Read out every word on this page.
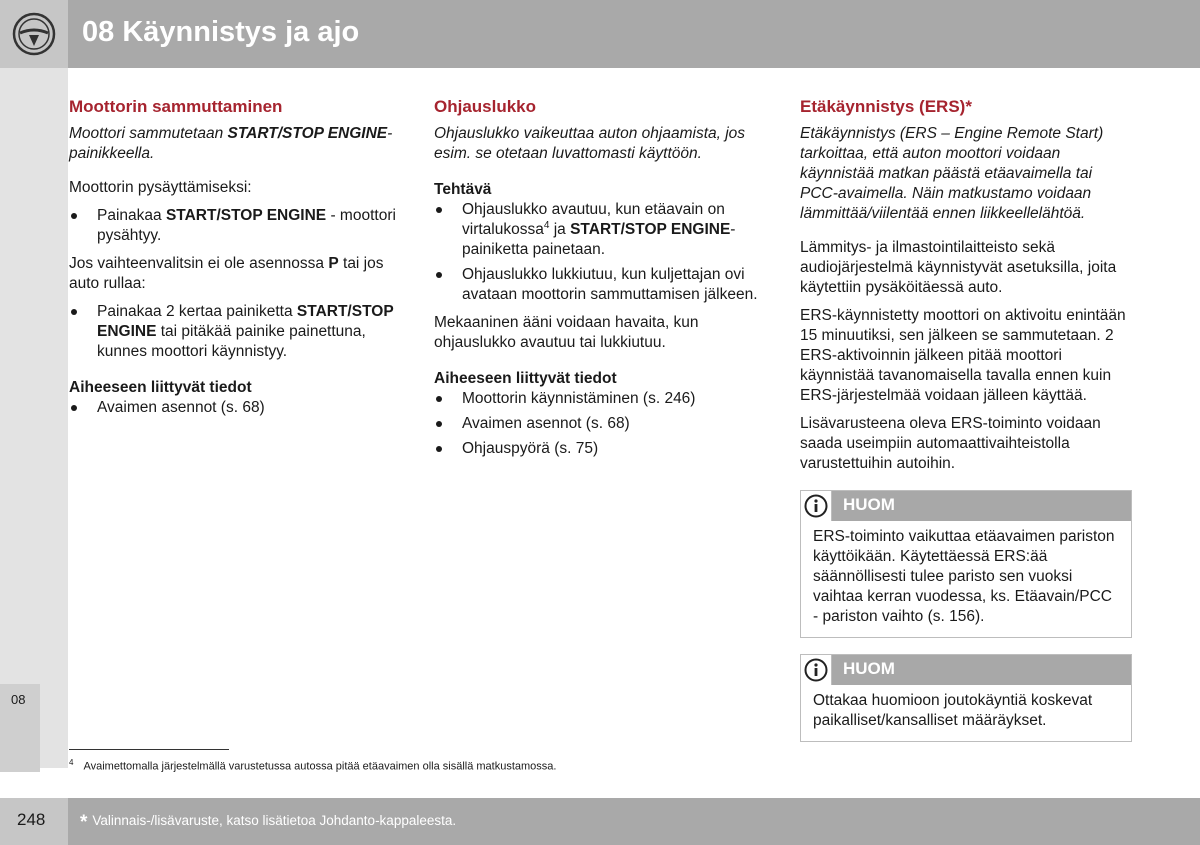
08 Käynnistys ja ajo
08
Moottorin sammuttaminen

Moottori sammutetaan START/STOP ENGINE-painikkeella.

Moottorin pysäyttämiseksi:

Painakaa START/STOP ENGINE - moottori pysähtyy.

Jos vaihteenvalitsin ei ole asennossa P tai jos auto rullaa:

Painakaa 2 kertaa painiketta START/STOP ENGINE tai pitäkää painike painettuna, kunnes moottori käynnistyy.
Aiheeseen liittyvät tiedot
Avaimen asennot (s. 68)
Ohjauslukko

Ohjauslukko vaikeuttaa auton ohjaamista, jos esim. se otetaan luvattomasti käyttöön.

Tehtävä
Ohjauslukko avautuu, kun etäavain on virtalukossa$^4$ ja START/STOP ENGINE-painiketta painetaan.
Ohjauslukko lukkiutuu, kun kuljettajan ovi avataan moottorin sammuttamisen jälkeen.

Mekaaninen ääni voidaan havaita, kun ohjauslukko avautuu tai lukkiutuu.

Aiheeseen liittyvät tiedot
Moottorin käynnistäminen (s. 246)
Avaimen asennot (s. 68)
Ohjauspyörä (s. 75)
Etäkäynnistys (ERS)*

Etäkäynnistys (ERS – Engine Remote Start) tarkoittaa, että auton moottori voidaan käynnistää matkan päästä etäavaimella tai PCC-avaimella. Näin matkustamo voidaan lämmittää/viilentää ennen liikkeellelähtöä.

Lämmitys- ja ilmastointilaitteisto sekä audiojärjestelmä käynnistyvät asetuksilla, joita käytettiin pysäköitäessä auto.

ERS-käynnistetty moottori on aktivoitu enintään 15 minuutiksi, sen jälkeen se sammutetaan. 2 ERS-aktivoinnin jälkeen pitää moottori käynnistää tavanomaisella tavalla ennen kuin ERS-järjestelmää voidaan jälleen käyttää.

Lisävarusteena oleva ERS-toiminto voidaan saada useimpiin automaattivaihteistolla varustettuihin autoihin.

HUOM
ERS-toiminto vaikuttaa etäavaimen pariston käyttöikään. Käytettäessä ERS:ää säännöllisesti tulee paristo sen vuoksi vaihtaa kerran vuodessa, ks. Etäavain/PCC - pariston vaihto (s. 156).
HUOM
Ottakaa huomioon joutokäyntiä koskevat paikalliset/kansalliset määräykset.
$^4$ Avaimettomalla järjestelmällä varustetussa autossa pitää etäavaimen olla sisällä matkustamossa.
248 * Valinnais-/lisävaruste, katso lisätietoa Johdanto-kappaleesta.
